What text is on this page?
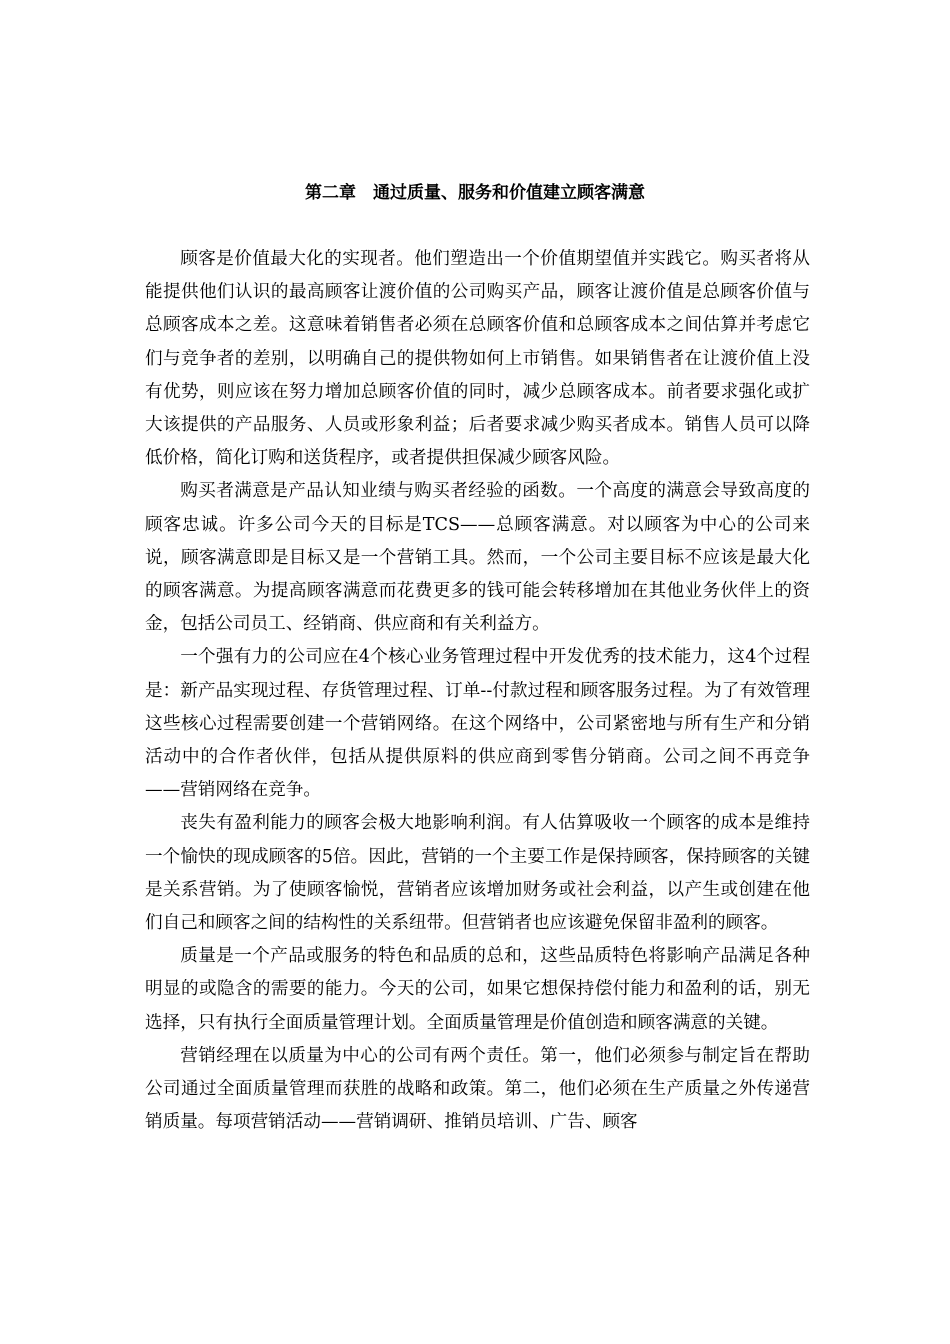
第二章　通过质量、服务和价值建立顾客满意

顾客是价值最大化的实现者。他们塑造出一个价值期望值并实践它。购买者将从能提供他们认识的最高顾客让渡价值的公司购买产品，顾客让渡价值是总顾客价值与总顾客成本之差。这意味着销售者必须在总顾客价值和总顾客成本之间估算并考虑它们与竞争者的差别，以明确自己的提供物如何上市销售。如果销售者在让渡价值上没有优势，则应该在努力增加总顾客价值的同时，减少总顾客成本。前者要求强化或扩大该提供的产品服务、人员或形象利益；后者要求减少购买者成本。销售人员可以降低价格，简化订购和送货程序，或者提供担保减少顾客风险。

购买者满意是产品认知业绩与购买者经验的函数。一个高度的满意会导致高度的顾客忠诚。许多公司今天的目标是TCS——总顾客满意。对以顾客为中心的公司来说，顾客满意即是目标又是一个营销工具。然而，一个公司主要目标不应该是最大化的顾客满意。为提高顾客满意而花费更多的钱可能会转移增加在其他业务伙伴上的资金，包括公司员工、经销商、供应商和有关利益方。

一个强有力的公司应在4个核心业务管理过程中开发优秀的技术能力，这4个过程是：新产品实现过程、存货管理过程、订单--付款过程和顾客服务过程。为了有效管理这些核心过程需要创建一个营销网络。在这个网络中，公司紧密地与所有生产和分销活动中的合作者伙伴，包括从提供原料的供应商到零售分销商。公司之间不再竞争——营销网络在竞争。

丧失有盈利能力的顾客会极大地影响利润。有人估算吸收一个顾客的成本是维持一个愉快的现成顾客的5倍。因此，营销的一个主要工作是保持顾客，保持顾客的关键是关系营销。为了使顾客愉悦，营销者应该增加财务或社会利益，以产生或创建在他们自己和顾客之间的结构性的关系纽带。但营销者也应该避免保留非盈利的顾客。

质量是一个产品或服务的特色和品质的总和，这些品质特色将影响产品满足各种明显的或隐含的需要的能力。今天的公司，如果它想保持偿付能力和盈利的话，别无选择，只有执行全面质量管理计划。全面质量管理是价值创造和顾客满意的关键。

营销经理在以质量为中心的公司有两个责任。第一，他们必须参与制定旨在帮助公司通过全面质量管理而获胜的战略和政策。第二，他们必须在生产质量之外传递营销质量。每项营销活动——营销调研、推销员培训、广告、顾客
